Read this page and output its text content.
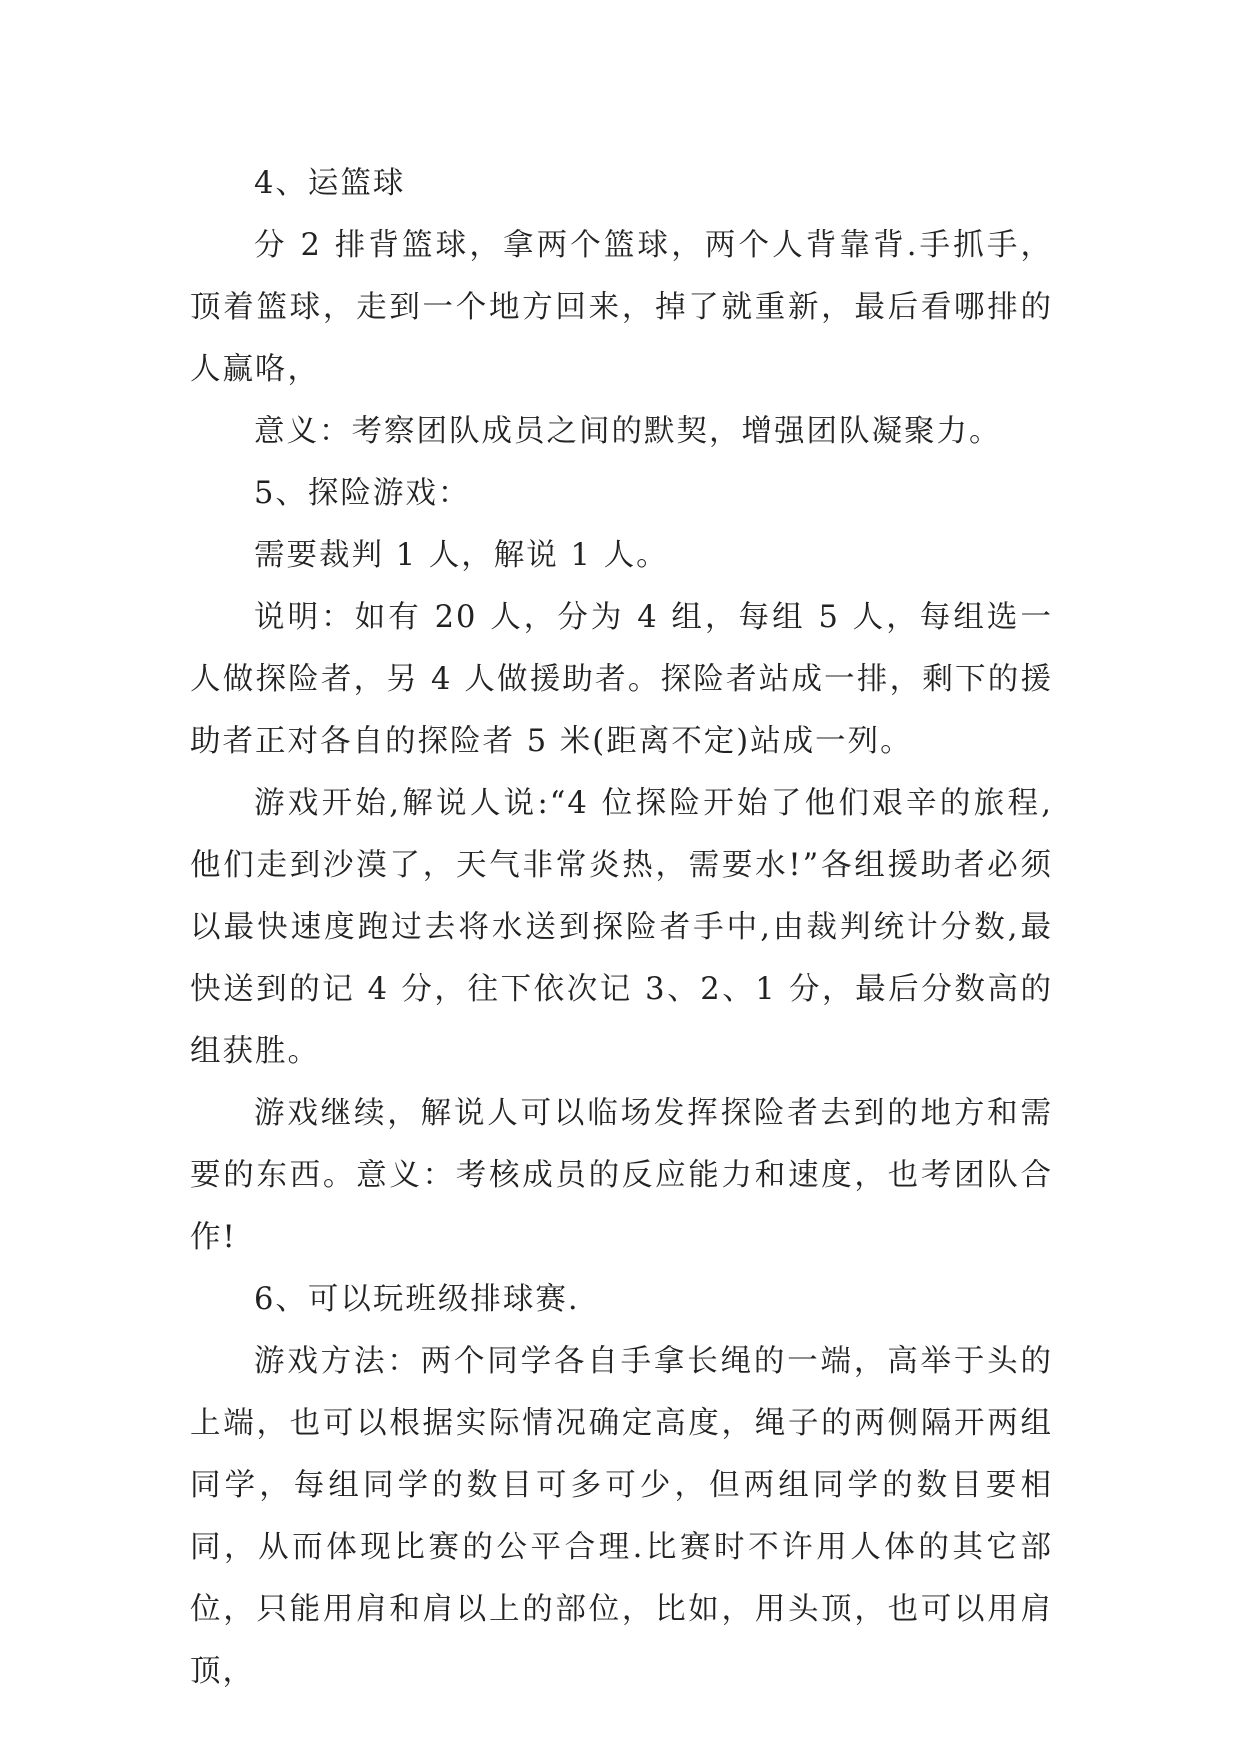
4、运篮球

分 2 排背篮球，拿两个篮球，两个人背靠背.手抓手，顶着篮球，走到一个地方回来，掉了就重新，最后看哪排的人赢咯，

意义：考察团队成员之间的默契，增强团队凝聚力。

5、探险游戏：

需要裁判 1 人，解说 1 人。

说明：如有 20 人，分为 4 组，每组 5 人，每组选一人做探险者，另 4 人做援助者。探险者站成一排，剩下的援助者正对各自的探险者 5 米(距离不定)站成一列。

游戏开始,解说人说:“4 位探险开始了他们艰辛的旅程,他们走到沙漠了，天气非常炎热，需要水!”各组援助者必须以最快速度跑过去将水送到探险者手中,由裁判统计分数,最快送到的记 4 分，往下依次记 3、2、1 分，最后分数高的组获胜。

游戏继续，解说人可以临场发挥探险者去到的地方和需要的东西。意义：考核成员的反应能力和速度，也考团队合作!

6、可以玩班级排球赛.

游戏方法：两个同学各自手拿长绳的一端，高举于头的上端，也可以根据实际情况确定高度，绳子的两侧隔开两组同学，每组同学的数目可多可少，但两组同学的数目要相同，从而体现比赛的公平合理.比赛时不许用人体的其它部位，只能用肩和肩以上的部位，比如，用头顶，也可以用肩顶，
